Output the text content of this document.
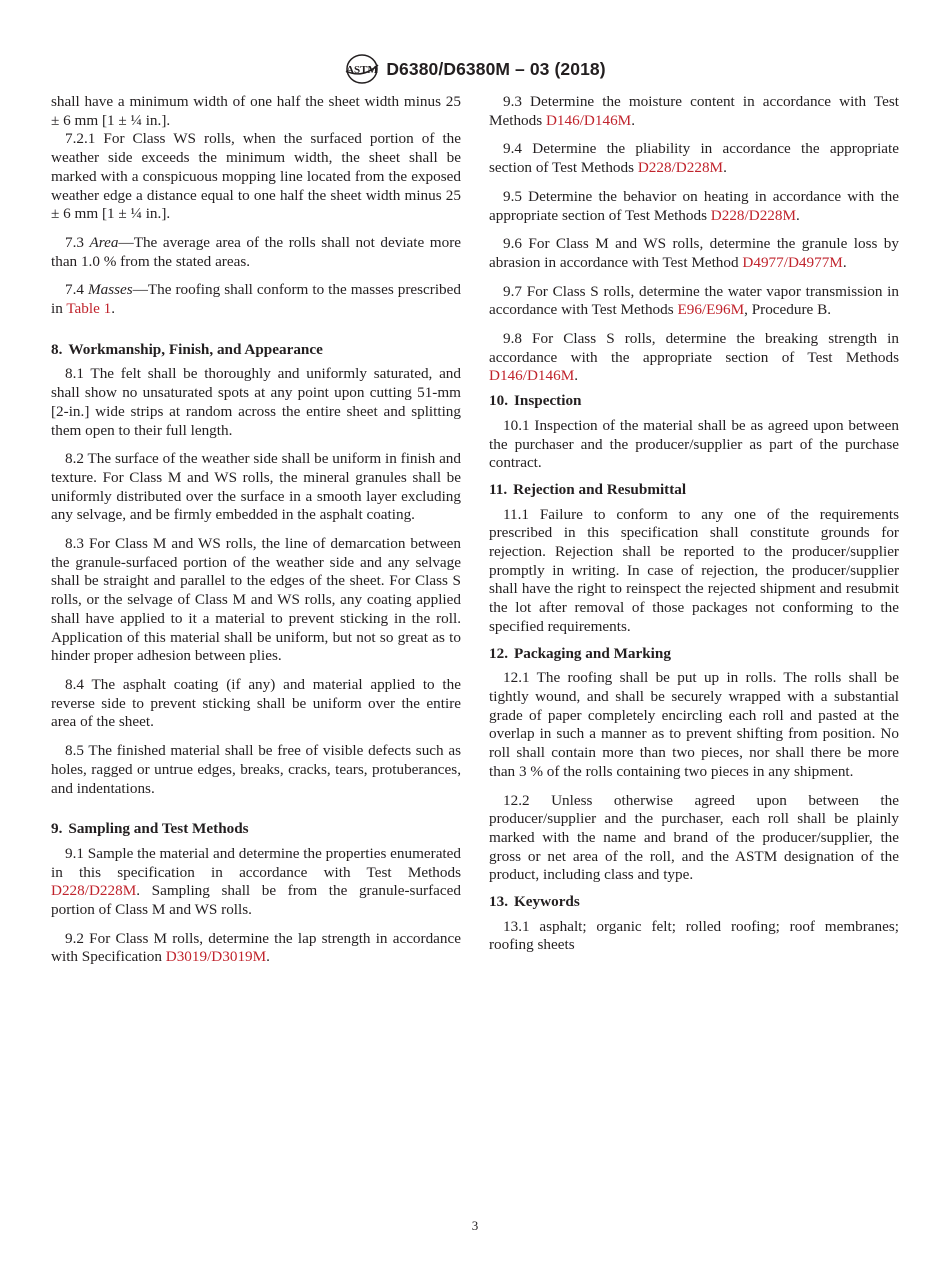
ASTM D6380/D6380M – 03 (2018)

shall have a minimum width of one half the sheet width minus 25 ± 6 mm [1 ± ¼ in.].

7.2.1 For Class WS rolls, when the surfaced portion of the weather side exceeds the minimum width, the sheet shall be marked with a conspicuous mopping line located from the exposed weather edge a distance equal to one half the sheet width minus 25 ± 6 mm [1 ± ¼ in.].

7.3 Area—The average area of the rolls shall not deviate more than 1.0 % from the stated areas.

7.4 Masses—The roofing shall conform to the masses prescribed in Table 1.

8. Workmanship, Finish, and Appearance

8.1 The felt shall be thoroughly and uniformly saturated, and shall show no unsaturated spots at any point upon cutting 51-mm [2-in.] wide strips at random across the entire sheet and splitting them open to their full length.

8.2 The surface of the weather side shall be uniform in finish and texture. For Class M and WS rolls, the mineral granules shall be uniformly distributed over the surface in a smooth layer excluding any selvage, and be firmly embedded in the asphalt coating.

8.3 For Class M and WS rolls, the line of demarcation between the granule-surfaced portion of the weather side and any selvage shall be straight and parallel to the edges of the sheet. For Class S rolls, or the selvage of Class M and WS rolls, any coating applied shall have applied to it a material to prevent sticking in the roll. Application of this material shall be uniform, but not so great as to hinder proper adhesion between plies.

8.4 The asphalt coating (if any) and material applied to the reverse side to prevent sticking shall be uniform over the entire area of the sheet.

8.5 The finished material shall be free of visible defects such as holes, ragged or untrue edges, breaks, cracks, tears, protuberances, and indentations.

9. Sampling and Test Methods

9.1 Sample the material and determine the properties enumerated in this specification in accordance with Test Methods D228/D228M. Sampling shall be from the granule-surfaced portion of Class M and WS rolls.

9.2 For Class M rolls, determine the lap strength in accordance with Specification D3019/D3019M.

9.3 Determine the moisture content in accordance with Test Methods D146/D146M.

9.4 Determine the pliability in accordance the appropriate section of Test Methods D228/D228M.

9.5 Determine the behavior on heating in accordance with the appropriate section of Test Methods D228/D228M.

9.6 For Class M and WS rolls, determine the granule loss by abrasion in accordance with Test Method D4977/D4977M.

9.7 For Class S rolls, determine the water vapor transmission in accordance with Test Methods E96/E96M, Procedure B.

9.8 For Class S rolls, determine the breaking strength in accordance with the appropriate section of Test Methods D146/D146M.

10. Inspection

10.1 Inspection of the material shall be as agreed upon between the purchaser and the producer/supplier as part of the purchase contract.

11. Rejection and Resubmittal

11.1 Failure to conform to any one of the requirements prescribed in this specification shall constitute grounds for rejection. Rejection shall be reported to the producer/supplier promptly in writing. In case of rejection, the producer/supplier shall have the right to reinspect the rejected shipment and resubmit the lot after removal of those packages not conforming to the specified requirements.

12. Packaging and Marking

12.1 The roofing shall be put up in rolls. The rolls shall be tightly wound, and shall be securely wrapped with a substantial grade of paper completely encircling each roll and pasted at the overlap in such a manner as to prevent shifting from position. No roll shall contain more than two pieces, nor shall there be more than 3 % of the rolls containing two pieces in any shipment.

12.2 Unless otherwise agreed upon between the producer/supplier and the purchaser, each roll shall be plainly marked with the name and brand of the producer/supplier, the gross or net area of the roll, and the ASTM designation of the product, including class and type.

13. Keywords

13.1 asphalt; organic felt; rolled roofing; roof membranes; roofing sheets

3
